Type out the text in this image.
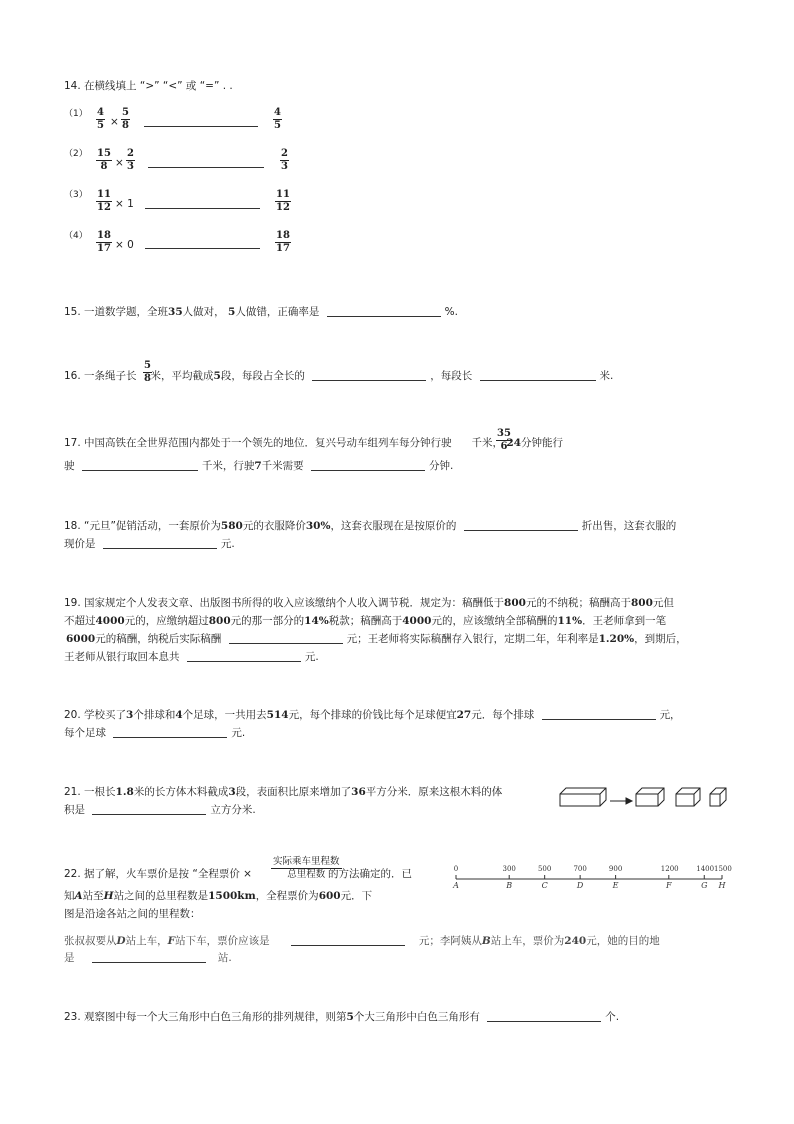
14. 在横线填上 “>” “<” 或 “=” . .
$(1) \frac{4}{5} \times \frac{5}{8}$	$\frac{4}{5}$
$(2) \frac{15}{8} \times \frac{2}{3}$	$\frac{2}{3}$
$(3) \frac{11}{12} \times 1$	$\frac{11}{12}$
$(4) \frac{18}{17} \times 0$	$\frac{18}{17}$
15. 一道数学题，全班35人做对， 5人做错，正确率是	%.
16. 一条绳子长 米，平均截成5段，每段占全长的	，每段长	米.
$\frac{5}{8}$
17. 中国高铁在全世界范围内都处于一个领先的地位．复兴号动车组列车每分钟行驶 千米， 24分钟能行
$\frac{35}{6}$
驶	千米，行驶7千米需要	分钟.
18. “元旦”促销活动，一套原价为580元的衣服降价30%，这套衣服现在是按原价的	折出售，这套衣服的
现价是	元.
19. 国家规定个人发表文章、出版图书所得的收入应该缴纳个人收入调节税．规定为：稿酬低于800元的不纳税；稿酬高于800元但
不超过4000元的，应缴纳超过800元的那一部分的14%税款；稿酬高于4000元的，应该缴纳全部稿酬的11%．王老师拿到一笔
6000元的稿酬，纳税后实际稿酬	元；王老师将实际稿酬存入银行，定期二年，年利率是1.20%，到期后，
王老师从银行取回本息共	元.
20. 学校买了3个排球和4个足球，一共用去514元，每个排球的价钱比每个足球便宜27元．每个排球	元，
每个足球	元.
21. 一根长1.8米的长方体木料截成3段，表面积比原来增加了36平方分米．原来这根木料的体
积是	立方分米.
22. 据了解，火车票价是按 “全程票价 ×	的方法确定的．已
实际乘车里程数
总里程数
知A站至H站之间的总里程数是1500km，全程票价为600元．下
图是沿途各站之间的里程数：
0
A
300
B
500
C
700
D
900
E
1200
F
1400
G
1500
H
张叔叔要从D站上车，F站下车，票价应该是	元；李阿姨从B站上车，票价为240元，她的目的地
是	站.
23. 观察图中每一个大三角形中白色三角形的排列规律，则第5个大三角形中白色三角形有	个.
